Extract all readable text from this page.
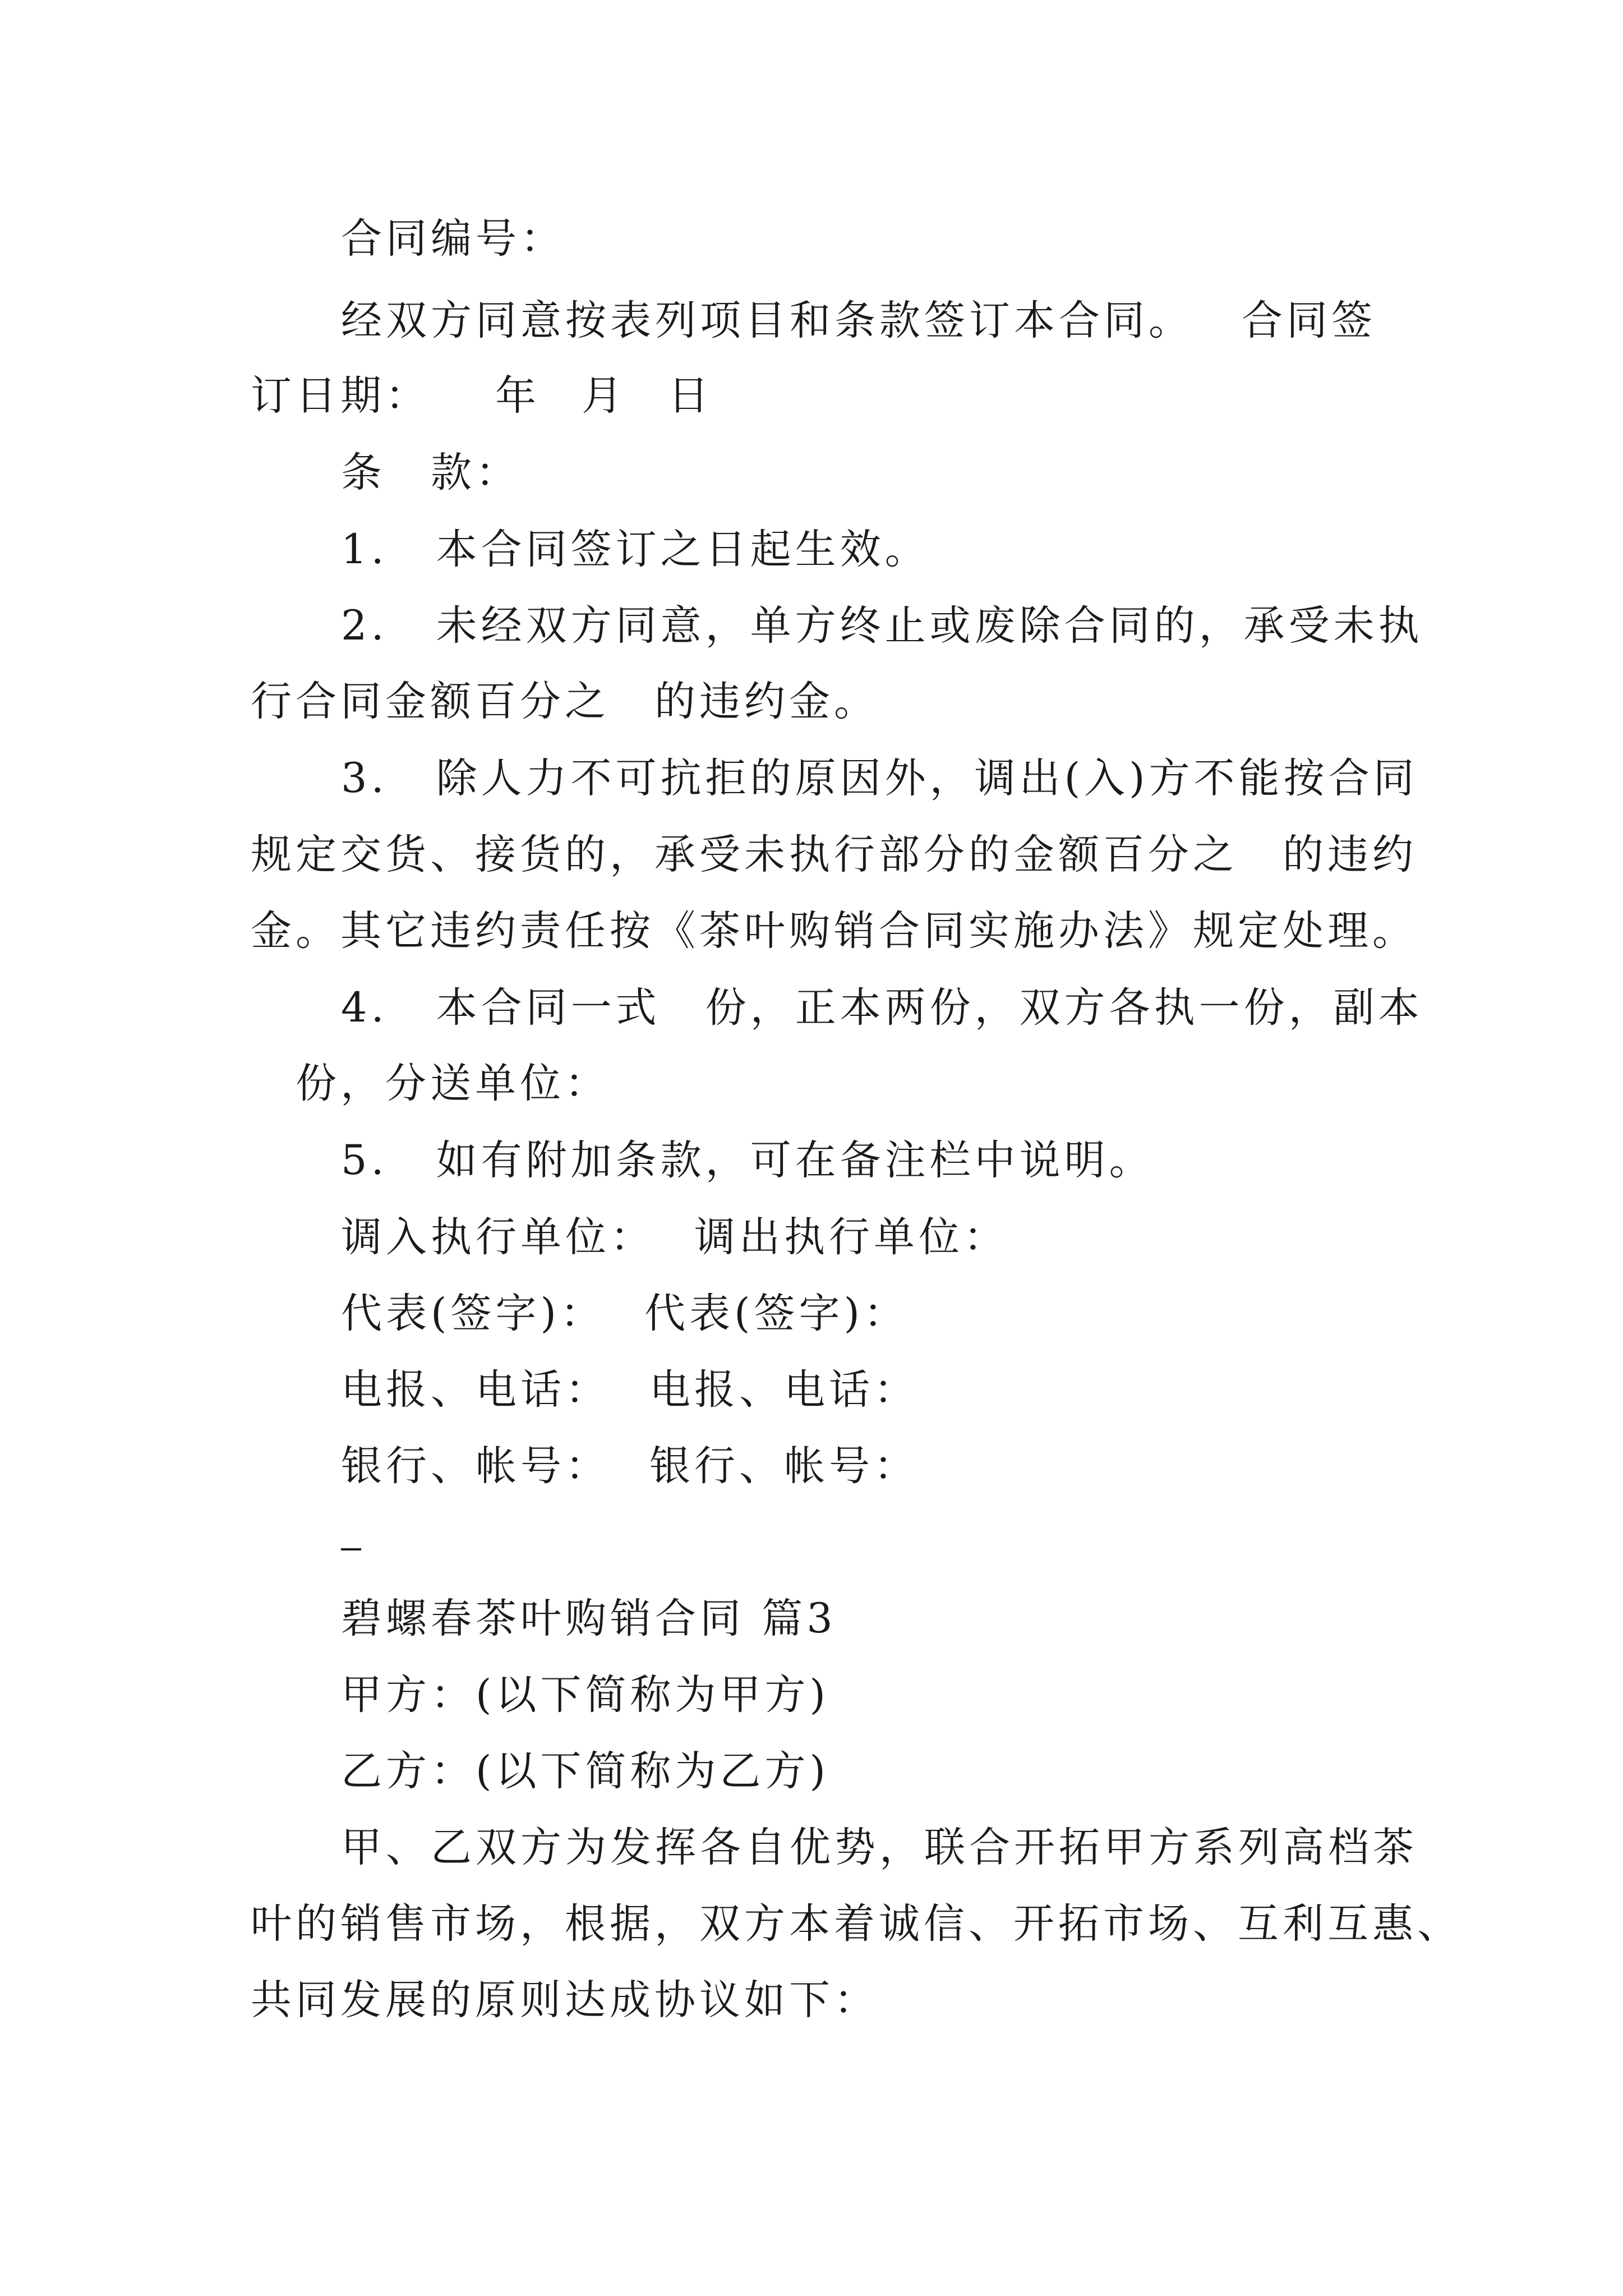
合同编号：
经双方同意按表列项目和条款签订本合同。 合同签
订日期： 年 月 日
条　款：
1. 本合同签订之日起生效。
2. 未经双方同意，单方终止或废除合同的，承受未执
行合同金额百分之　的违约金。
3. 除人力不可抗拒的原因外，调出(入)方不能按合同
规定交货、接货的，承受未执行部分的金额百分之　的违约
金。其它违约责任按《茶叶购销合同实施办法》规定处理。
4. 本合同一式　份，正本两份，双方各执一份，副本
份，分送单位：
5. 如有附加条款，可在备注栏中说明。
调入执行单位： 调出执行单位：
代表(签字)： 代表(签字)：
电报、电话： 电报、电话：
银行、帐号： 银行、帐号：
碧螺春茶叶购销合同 篇3
甲方：(以下简称为甲方)
乙方：(以下简称为乙方)
甲、乙双方为发挥各自优势，联合开拓甲方系列高档茶
叶的销售市场，根据，双方本着诚信、开拓市场、互利互惠、
共同发展的原则达成协议如下：
